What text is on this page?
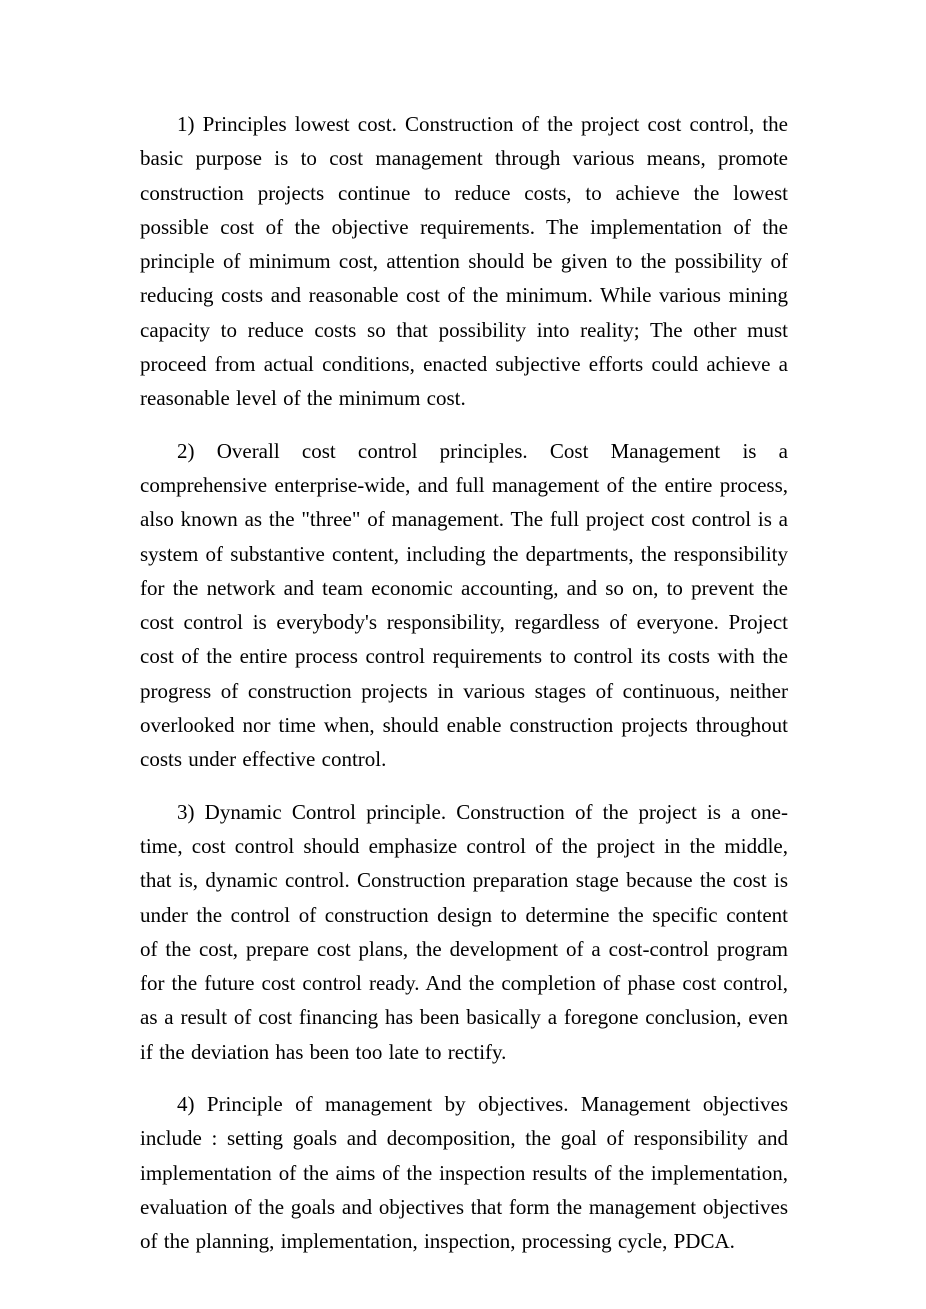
1) Principles lowest cost. Construction of the project cost control, the basic purpose is to cost management through various means, promote construction projects continue to reduce costs, to achieve the lowest possible cost of the objective requirements. The implementation of the principle of minimum cost, attention should be given to the possibility of reducing costs and reasonable cost of the minimum. While various mining capacity to reduce costs so that possibility into reality; The other must proceed from actual conditions, enacted subjective efforts could achieve a reasonable level of the minimum cost.

2) Overall cost control principles. Cost Management is a comprehensive enterprise-wide, and full management of the entire process, also known as the "three" of management. The full project cost control is a system of substantive content, including the departments, the responsibility for the network and team economic accounting, and so on, to prevent the cost control is everybody's responsibility, regardless of everyone. Project cost of the entire process control requirements to control its costs with the progress of construction projects in various stages of continuous, neither overlooked nor time when, should enable construction projects throughout costs under effective control.

3) Dynamic Control principle. Construction of the project is a one-time, cost control should emphasize control of the project in the middle, that is, dynamic control. Construction preparation stage because the cost is under the control of construction design to determine the specific content of the cost, prepare cost plans, the development of a cost-control program for the future cost control ready. And the completion of phase cost control, as a result of cost financing has been basically a foregone conclusion, even if the deviation has been too late to rectify.

4) Principle of management by objectives. Management objectives include : setting goals and decomposition, the goal of responsibility and implementation of the aims of the inspection results of the implementation, evaluation of the goals and objectives that form the management objectives of the planning, implementation, inspection, processing cycle, PDCA.
